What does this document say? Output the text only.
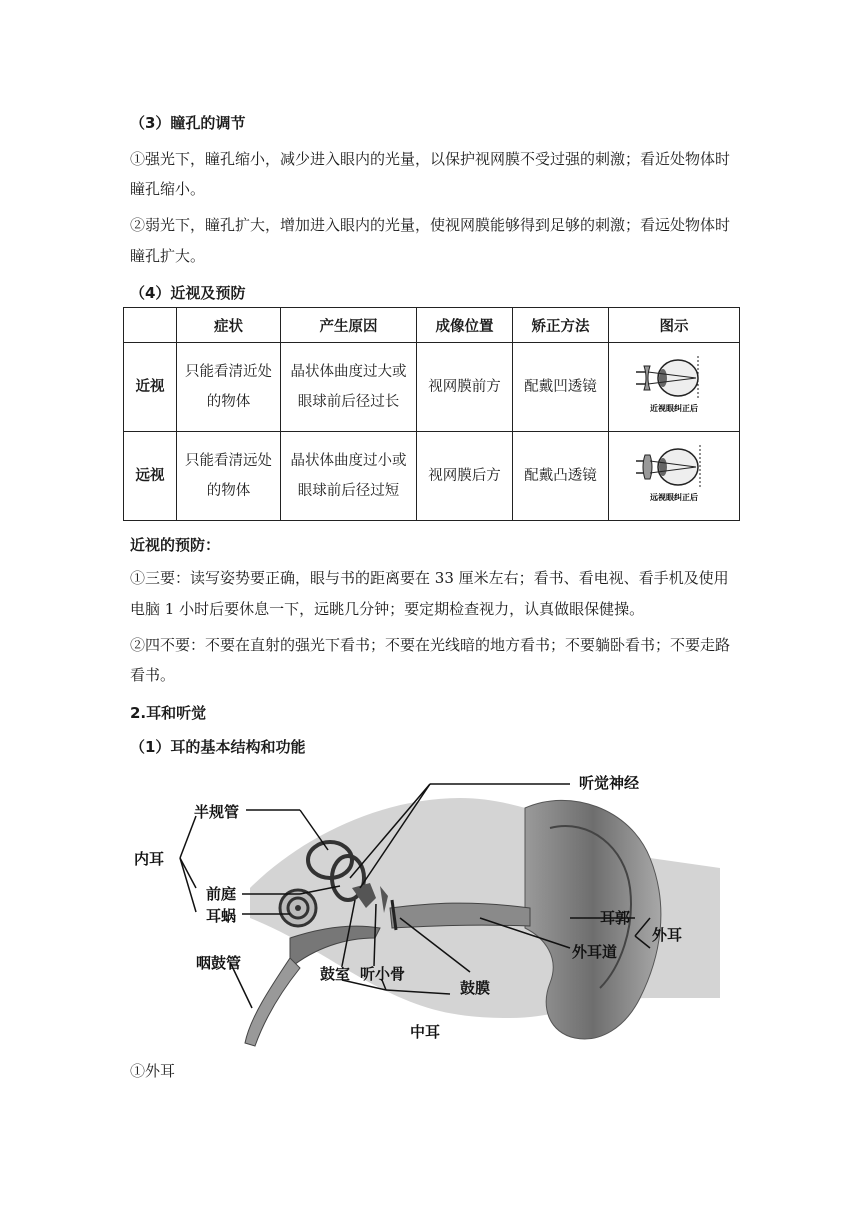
（3）瞳孔的调节
①强光下，瞳孔缩小，减少进入眼内的光量，以保护视网膜不受过强的刺激；看近处物体时
瞳孔缩小。
②弱光下，瞳孔扩大，增加进入眼内的光量，使视网膜能够得到足够的刺激；看远处物体时
瞳孔扩大。
（4）近视及预防
	症状	产生原因	成像位置	矫正方法	图示
近视	只能看清近处的物体	晶状体曲度过大或眼球前后径过长	视网膜前方	配戴凹透镜	近视眼纠正后

远视	只能看清远处的物体	晶状体曲度过小或眼球前后径过短	视网膜后方	配戴凸透镜	远视眼纠正后
近视的预防：
①三要：读写姿势要正确，眼与书的距离要在 33 厘米左右；看书、看电视、看手机及使用
电脑 1 小时后要休息一下，远眺几分钟；要定期检查视力，认真做眼保健操。
②四不要：不要在直射的强光下看书；不要在光线暗的地方看书；不要躺卧看书；不要走路
看书。
2.耳和听觉
（1）耳的基本结构和功能
听觉神经
半规管
内耳
前庭
耳蜗
咽鼓管
鼓室 听小骨
鼓膜
中耳
耳郭
外耳
外耳道
①外耳
